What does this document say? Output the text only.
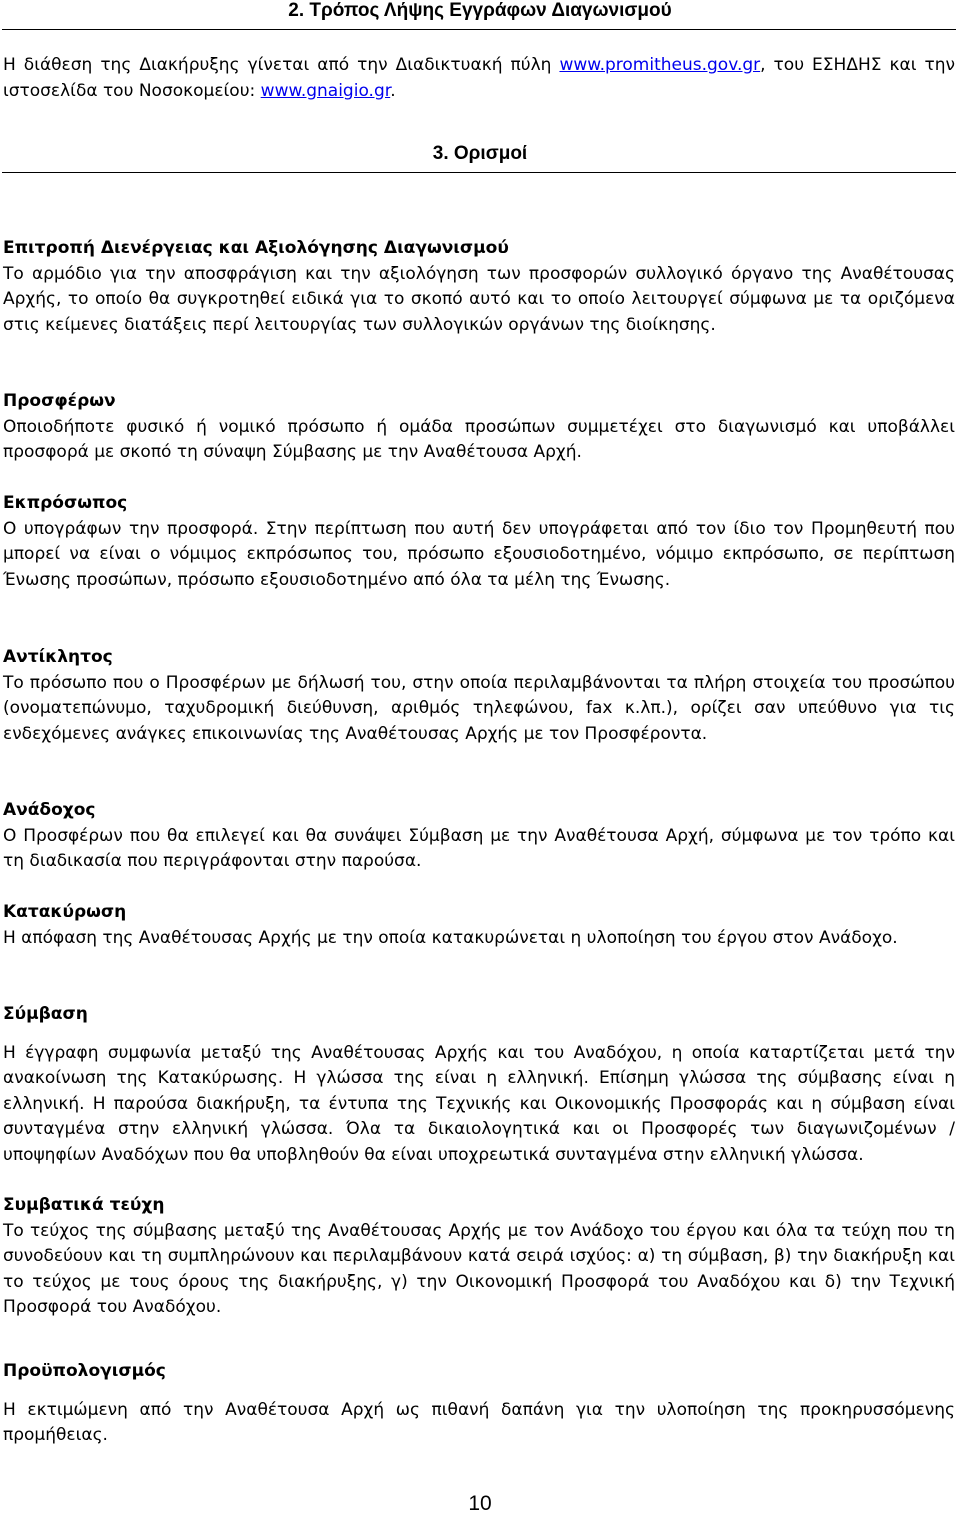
2. Τρόπος Λήψης Εγγράφων Διαγωνισμού
Η διάθεση της Διακήρυξης γίνεται από την Διαδικτυακή πύλη www.promitheus.gov.gr, του ΕΣΗΔΗΣ και την ιστοσελίδα του Νοσοκομείου: www.gnaigio.gr.
3. Ορισμοί
Επιτροπή Διενέργειας και Αξιολόγησης Διαγωνισμού
Το αρμόδιο για την αποσφράγιση και την αξιολόγηση των προσφορών συλλογικό όργανο της Αναθέτουσας Αρχής, το οποίο θα συγκροτηθεί ειδικά για το σκοπό αυτό και το οποίο λειτουργεί σύμφωνα με τα οριζόμενα στις κείμενες διατάξεις περί λειτουργίας των συλλογικών οργάνων της διοίκησης.
Προσφέρων
Οποιοδήποτε φυσικό ή νομικό πρόσωπο ή ομάδα προσώπων συμμετέχει στο διαγωνισμό και υποβάλλει προσφορά με σκοπό τη σύναψη Σύμβασης με την Αναθέτουσα Αρχή.
Εκπρόσωπος
Ο υπογράφων την προσφορά. Στην περίπτωση που αυτή δεν υπογράφεται από τον ίδιο τον Προμηθευτή που μπορεί να είναι ο νόμιμος εκπρόσωπος του, πρόσωπο εξουσιοδοτημένο, νόμιμο εκπρόσωπο, σε περίπτωση Ένωσης προσώπων, πρόσωπο εξουσιοδοτημένο από όλα τα μέλη της Ένωσης.
Αντίκλητος
Το πρόσωπο που ο Προσφέρων με δήλωσή του, στην οποία περιλαμβάνονται τα πλήρη στοιχεία του προσώπου (ονοματεπώνυμο, ταχυδρομική διεύθυνση, αριθμός τηλεφώνου, fax κ.λπ.), ορίζει σαν υπεύθυνο για τις ενδεχόμενες ανάγκες επικοινωνίας της Αναθέτουσας Αρχής με τον Προσφέροντα.
Ανάδοχος
Ο Προσφέρων που θα επιλεγεί και θα συνάψει Σύμβαση με την Αναθέτουσα Αρχή, σύμφωνα με τον τρόπο και τη διαδικασία που περιγράφονται στην παρούσα.
Κατακύρωση
Η απόφαση της Αναθέτουσας Αρχής με την οποία κατακυρώνεται η υλοποίηση του έργου στον Ανάδοχο.
Σύμβαση
Η έγγραφη συμφωνία μεταξύ της Αναθέτουσας Αρχής και του Αναδόχου, η οποία καταρτίζεται μετά την ανακοίνωση της Κατακύρωσης. Η γλώσσα της είναι η ελληνική. Επίσημη γλώσσα της σύμβασης είναι η ελληνική. Η παρούσα διακήρυξη, τα έντυπα της Τεχνικής και Οικονομικής Προσφοράς και η σύμβαση είναι συνταγμένα στην ελληνική γλώσσα. Όλα τα δικαιολογητικά και οι Προσφορές των διαγωνιζομένων / υποψηφίων Αναδόχων που θα υποβληθούν θα είναι υποχρεωτικά συνταγμένα στην ελληνική γλώσσα.
Συμβατικά τεύχη
Το τεύχος της σύμβασης μεταξύ της Αναθέτουσας Αρχής με τον Ανάδοχο του έργου και όλα τα τεύχη που τη συνοδεύουν και τη συμπληρώνουν και περιλαμβάνουν κατά σειρά ισχύος: α) τη σύμβαση, β) την διακήρυξη και το τεύχος με τους όρους της διακήρυξης, γ) την Οικονομική Προσφορά του Αναδόχου και δ) την Τεχνική Προσφορά του Αναδόχου.
Προϋπολογισμός
Η εκτιμώμενη από την Αναθέτουσα Αρχή ως πιθανή δαπάνη για την υλοποίηση της προκηρυσσόμενης προμήθειας.
10
